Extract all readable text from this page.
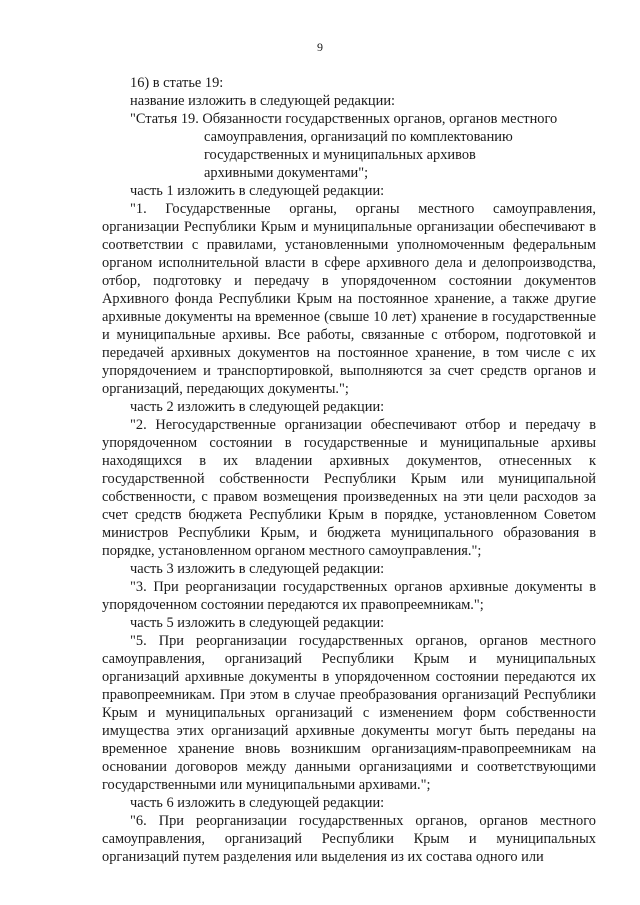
9

16) в статье 19:

название изложить в следующей редакции:

"Статья 19. Обязанности государственных органов, органов местного

самоуправления, организаций по комплектованию

государственных и муниципальных архивов

архивными документами";

часть 1 изложить в следующей редакции:

"1. Государственные органы, органы местного самоуправления, организации Республики Крым и муниципальные организации обеспечивают в соответствии с правилами, установленными уполномоченным федеральным органом исполнительной власти в сфере архивного дела и делопроизводства, отбор, подготовку и передачу в упорядоченном состоянии документов Архивного фонда Республики Крым на постоянное хранение, а также другие архивные документы на временное (свыше 10 лет) хранение в государственные и муниципальные архивы. Все работы, связанные с отбором, подготовкой и передачей архивных документов на постоянное хранение, в том числе с их упорядочением и транспортировкой, выполняются за счет средств органов и организаций, передающих документы.";

часть 2 изложить в следующей редакции:

"2. Негосударственные организации обеспечивают отбор и передачу в упорядоченном состоянии в государственные и муниципальные архивы находящихся в их владении архивных документов, отнесенных к государственной собственности Республики Крым или муниципальной собственности, с правом возмещения произведенных на эти цели расходов за счет средств бюджета Республики Крым в порядке, установленном Советом министров Республики Крым, и бюджета муниципального образования в порядке, установленном органом местного самоуправления.";

часть 3 изложить в следующей редакции:

"3. При реорганизации государственных органов архивные документы в упорядоченном состоянии передаются их правопреемникам.";

часть 5 изложить в следующей редакции:

"5. При реорганизации государственных органов, органов местного самоуправления, организаций Республики Крым и муниципальных организаций архивные документы в упорядоченном состоянии передаются их правопреемникам. При этом в случае преобразования организаций Республики Крым и муниципальных организаций с изменением форм собственности имущества этих организаций архивные документы могут быть переданы на временное хранение вновь возникшим организациям-правопреемникам на основании договоров между данными организациями и соответствующими государственными или муниципальными архивами.";

часть 6 изложить в следующей редакции:

"6. При реорганизации государственных органов, органов местного самоуправления, организаций Республики Крым и муниципальных организаций путем разделения или выделения из их состава одного или
